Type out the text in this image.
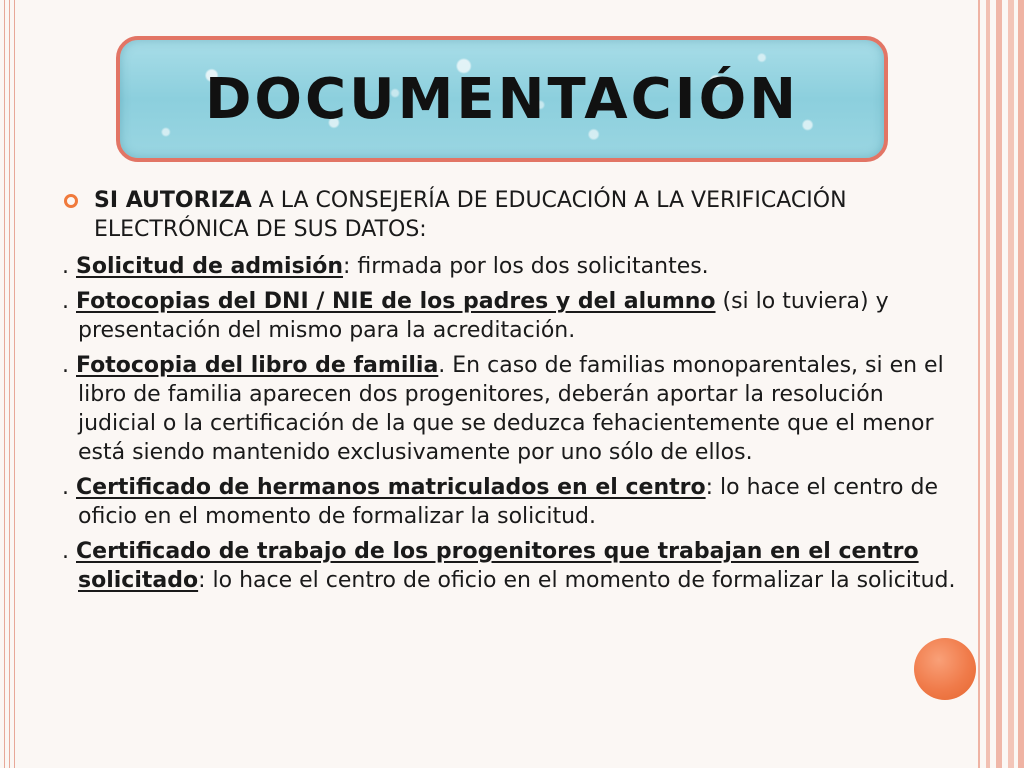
DOCUMENTACIÓN
SI AUTORIZA A LA CONSEJERÍA DE EDUCACIÓN A LA VERIFICACIÓN ELECTRÓNICA DE SUS DATOS:
. Solicitud de admisión: firmada por los dos solicitantes.
. Fotocopias del DNI / NIE de los padres y del alumno (si lo tuviera) y presentación del mismo para la acreditación.
. Fotocopia del libro de familia. En caso de familias monoparentales, si en el libro de familia aparecen dos progenitores, deberán aportar la resolución judicial o la certificación de la que se deduzca fehacientemente que el menor está siendo mantenido exclusivamente por uno sólo de ellos.
. Certificado de hermanos matriculados en el centro: lo hace el centro de oficio en el momento de formalizar la solicitud.
. Certificado de trabajo de los progenitores que trabajan en el centro solicitado: lo hace el centro de oficio en el momento de formalizar la solicitud.
